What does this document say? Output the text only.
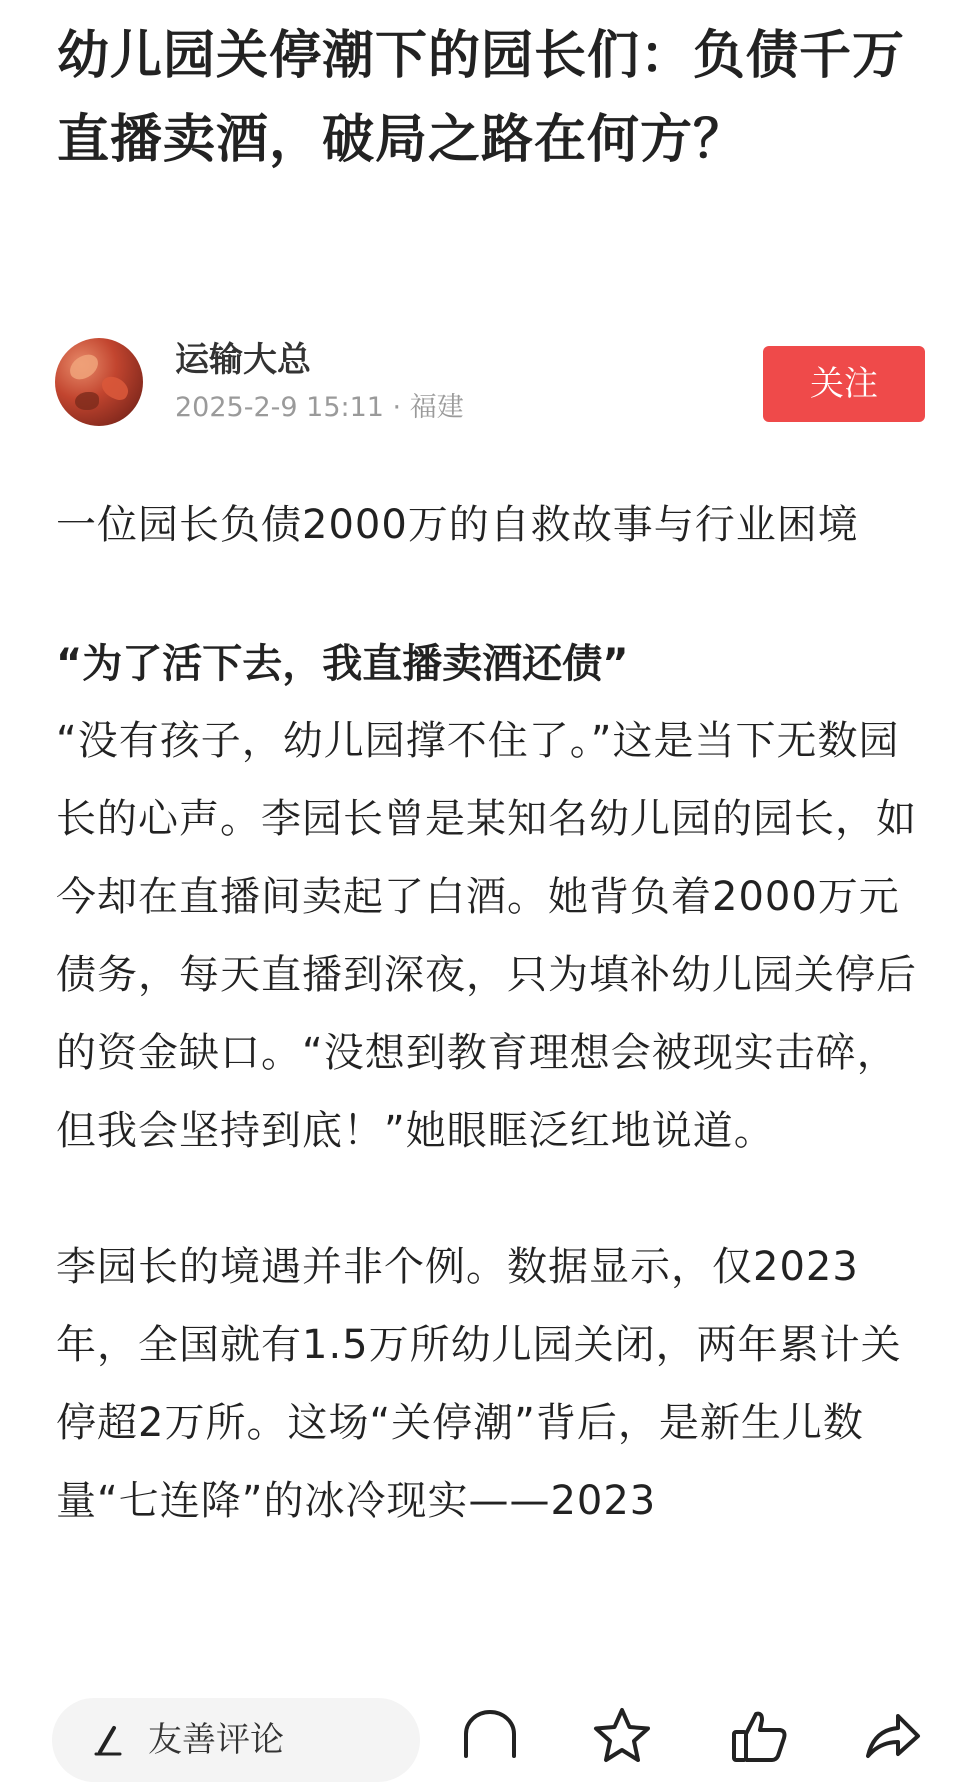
幼儿园关停潮下的园长们：负债千万直播卖酒，破局之路在何方？
运输大总
2025-2-9 15:11 · 福建
关注

一位园长负债2000万的自救故事与行业困境

“为了活下去，我直播卖酒还债”

“没有孩子，幼儿园撑不住了。”这是当下无数园长的心声。李园长曾是某知名幼儿园的园长，如今却在直播间卖起了白酒。她背负着2000万元债务，每天直播到深夜，只为填补幼儿园关停后的资金缺口。“没想到教育理想会被现实击碎，但我会坚持到底！”她眼眶泛红地说道。

李园长的境遇并非个例。数据显示，仅2023年，全国就有1.5万所幼儿园关闭，两年累计关停超2万所。这场“关停潮”背后，是新生儿数量“七连降”的冰冷现实——2023

友善评论
